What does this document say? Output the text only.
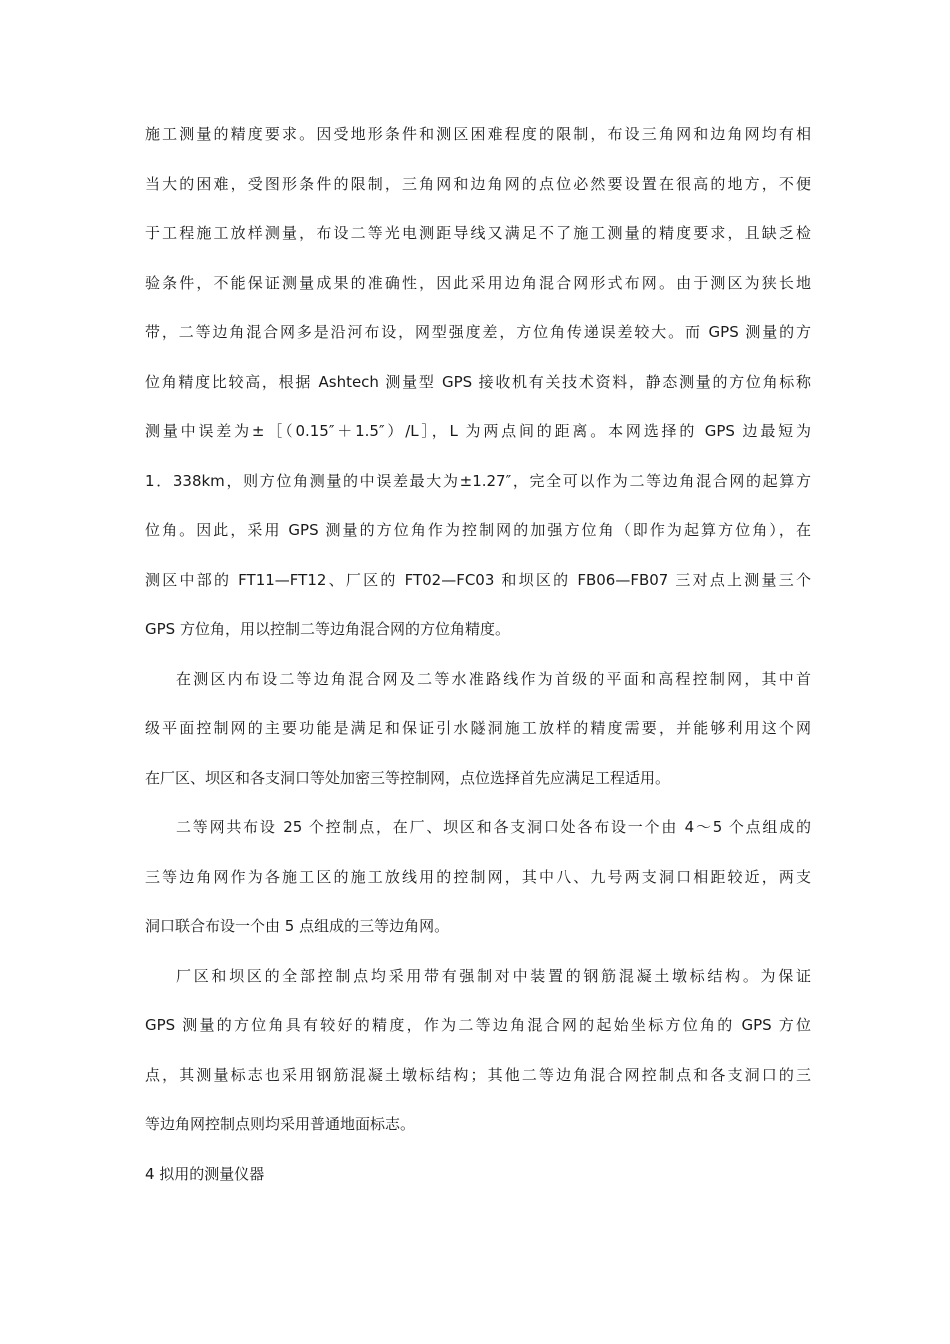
施工测量的精度要求。因受地形条件和测区困难程度的限制，布设三角网和边角网均有相
当大的困难，受图形条件的限制，三角网和边角网的点位必然要设置在很高的地方，不便
于工程施工放样测量，布设二等光电测距导线又满足不了施工测量的精度要求，且缺乏检
验条件，不能保证测量成果的准确性，因此采用边角混合网形式布网。由于测区为狭长地
带，二等边角混合网多是沿河布设，网型强度差，方位角传递误差较大。而 GPS 测量的方
位角精度比较高，根据 Ashtech 测量型 GPS 接收机有关技术资料，静态测量的方位角标称
测量中误差为±［（0.15″＋1.5″）/L］，L 为两点间的距离。本网选择的 GPS 边最短为
1．338km，则方位角测量的中误差最大为±1.27″，完全可以作为二等边角混合网的起算方
位角。因此，采用 GPS 测量的方位角作为控制网的加强方位角（即作为起算方位角），在
测区中部的 FT11—FT12、厂区的 FT02—FC03 和坝区的 FB06—FB07 三对点上测量三个
GPS 方位角，用以控制二等边角混合网的方位角精度。
在测区内布设二等边角混合网及二等水准路线作为首级的平面和高程控制网，其中首
级平面控制网的主要功能是满足和保证引水隧洞施工放样的精度需要，并能够利用这个网
在厂区、坝区和各支洞口等处加密三等控制网，点位选择首先应满足工程适用。
二等网共布设 25 个控制点，在厂、坝区和各支洞口处各布设一个由 4～5 个点组成的
三等边角网作为各施工区的施工放线用的控制网，其中八、九号两支洞口相距较近，两支
洞口联合布设一个由 5 点组成的三等边角网。
厂区和坝区的全部控制点均采用带有强制对中装置的钢筋混凝土墩标结构。为保证
GPS 测量的方位角具有较好的精度，作为二等边角混合网的起始坐标方位角的 GPS 方位
点，其测量标志也采用钢筋混凝土墩标结构；其他二等边角混合网控制点和各支洞口的三
等边角网控制点则均采用普通地面标志。
4 拟用的测量仪器
